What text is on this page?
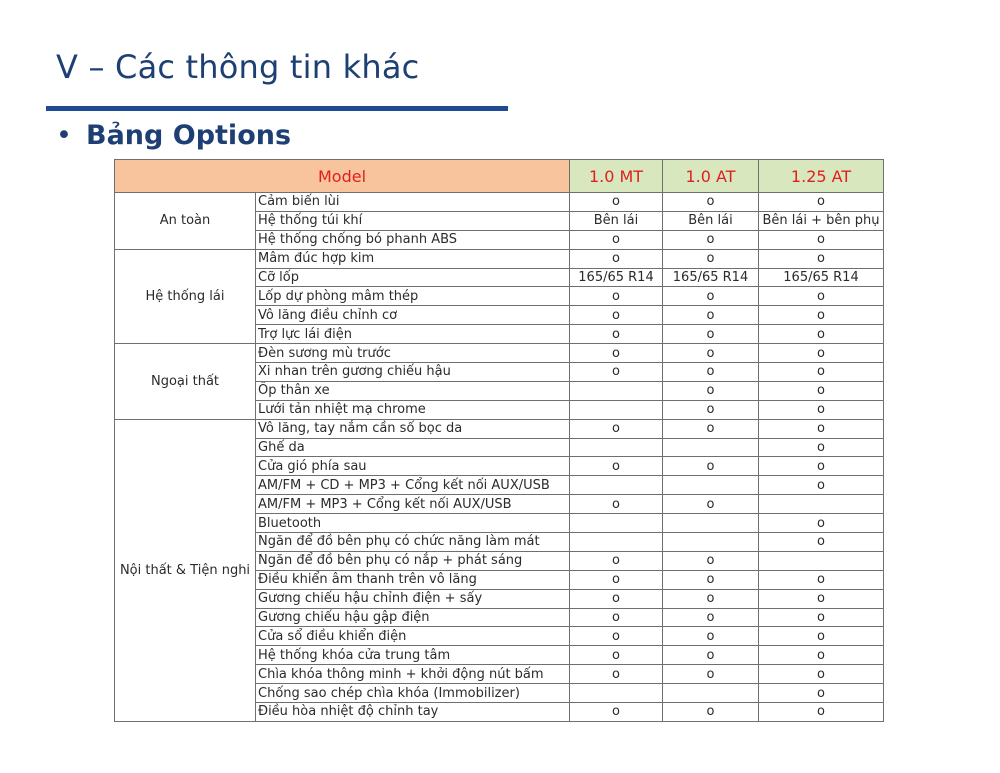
V – Các thông tin khác
• Bảng Options
Model		1.0 MT	1.0 AT	1.25 AT
An toàn	Cảm biến lùi	o	o	o
	Hệ thống túi khí	Bên lái	Bên lái	Bên lái + bên phụ
	Hệ thống chống bó phanh ABS	o	o	o
Hệ thống lái	Mâm đúc hợp kim	o	o	o
	Cỡ lốp	165/65 R14	165/65 R14	165/65 R14
	Lốp dự phòng mâm thép	o	o	o
	Vô lăng điều chỉnh cơ	o	o	o
	Trợ lực lái điện	o	o	o
Ngoại thất	Đèn sương mù trước	o	o	o
	Xi nhan trên gương chiếu hậu	o	o	o
	Ốp thân xe		o	o
	Lưới tản nhiệt mạ chrome		o	o
Nội thất & Tiện nghi	Vô lăng, tay nắm cần số bọc da	o	o	o
	Ghế da			o
	Cửa gió phía sau	o	o	o
	AM/FM + CD + MP3 + Cổng kết nối AUX/USB			o
	AM/FM + MP3 + Cổng kết nối AUX/USB	o	o	
	Bluetooth			o
	Ngăn để đồ bên phụ có chức năng làm mát			o
	Ngăn để đồ bên phụ có nắp + phát sáng	o	o	
	Điều khiển âm thanh trên vô lăng	o	o	o
	Gương chiếu hậu chỉnh điện + sấy	o	o	o
	Gương chiếu hậu gập điện	o	o	o
	Cửa sổ điều khiển điện	o	o	o
	Hệ thống khóa cửa trung tâm	o	o	o
	Chìa khóa thông minh + khởi động nút bấm	o	o	o
	Chống sao chép chìa khóa (Immobilizer)			o
	Điều hòa nhiệt độ chỉnh tay	o	o	o
